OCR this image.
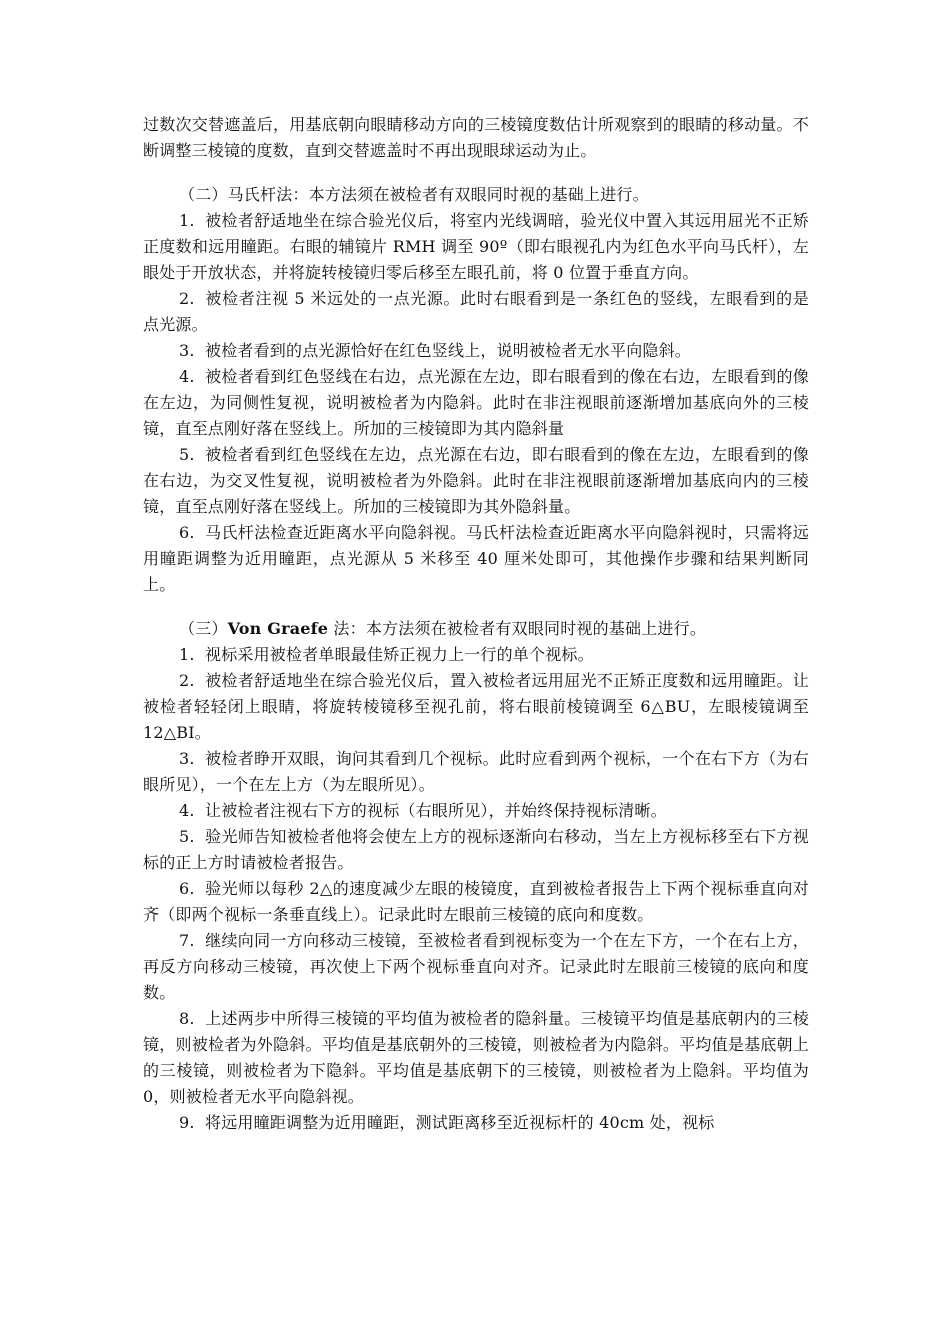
过数次交替遮盖后，用基底朝向眼睛移动方向的三棱镜度数估计所观察到的眼睛的移动量。不断调整三棱镜的度数，直到交替遮盖时不再出现眼球运动为止。

（二）马氏杆法：本方法须在被检者有双眼同时视的基础上进行。

1. 被检者舒适地坐在综合验光仪后，将室内光线调暗，验光仪中置入其远用屈光不正矫正度数和远用瞳距。右眼的辅镜片 RMH 调至 90º（即右眼视孔内为红色水平向马氏杆），左眼处于开放状态，并将旋转棱镜归零后移至左眼孔前，将 0 位置于垂直方向。

2. 被检者注视 5 米远处的一点光源。此时右眼看到是一条红色的竖线，左眼看到的是点光源。

3. 被检者看到的点光源恰好在红色竖线上，说明被检者无水平向隐斜。

4. 被检者看到红色竖线在右边，点光源在左边，即右眼看到的像在右边，左眼看到的像在左边，为同侧性复视，说明被检者为内隐斜。此时在非注视眼前逐渐增加基底向外的三棱镜，直至点刚好落在竖线上。所加的三棱镜即为其内隐斜量

5. 被检者看到红色竖线在左边，点光源在右边，即右眼看到的像在左边，左眼看到的像在右边，为交叉性复视，说明被检者为外隐斜。此时在非注视眼前逐渐增加基底向内的三棱镜，直至点刚好落在竖线上。所加的三棱镜即为其外隐斜量。

6. 马氏杆法检查近距离水平向隐斜视。马氏杆法检查近距离水平向隐斜视时，只需将远用瞳距调整为近用瞳距，点光源从 5 米移至 40 厘米处即可，其他操作步骤和结果判断同上。

（三）Von Graefe 法：本方法须在被检者有双眼同时视的基础上进行。

1. 视标采用被检者单眼最佳矫正视力上一行的单个视标。

2. 被检者舒适地坐在综合验光仪后，置入被检者远用屈光不正矫正度数和远用瞳距。让被检者轻轻闭上眼睛，将旋转棱镜移至视孔前，将右眼前棱镜调至 6△BU，左眼棱镜调至 12△BI。

3. 被检者睁开双眼，询问其看到几个视标。此时应看到两个视标，一个在右下方（为右眼所见），一个在左上方（为左眼所见）。

4. 让被检者注视右下方的视标（右眼所见），并始终保持视标清晰。

5. 验光师告知被检者他将会使左上方的视标逐渐向右移动，当左上方视标移至右下方视标的正上方时请被检者报告。

6. 验光师以每秒 2△的速度减少左眼的棱镜度，直到被检者报告上下两个视标垂直向对齐（即两个视标一条垂直线上）。记录此时左眼前三棱镜的底向和度数。

7. 继续向同一方向移动三棱镜，至被检者看到视标变为一个在左下方，一个在右上方，再反方向移动三棱镜，再次使上下两个视标垂直向对齐。记录此时左眼前三棱镜的底向和度数。

8. 上述两步中所得三棱镜的平均值为被检者的隐斜量。三棱镜平均值是基底朝内的三棱镜，则被检者为外隐斜。平均值是基底朝外的三棱镜，则被检者为内隐斜。平均值是基底朝上的三棱镜，则被检者为下隐斜。平均值是基底朝下的三棱镜，则被检者为上隐斜。平均值为 0，则被检者无水平向隐斜视。

9. 将远用瞳距调整为近用瞳距，测试距离移至近视标杆的 40cm 处，视标
